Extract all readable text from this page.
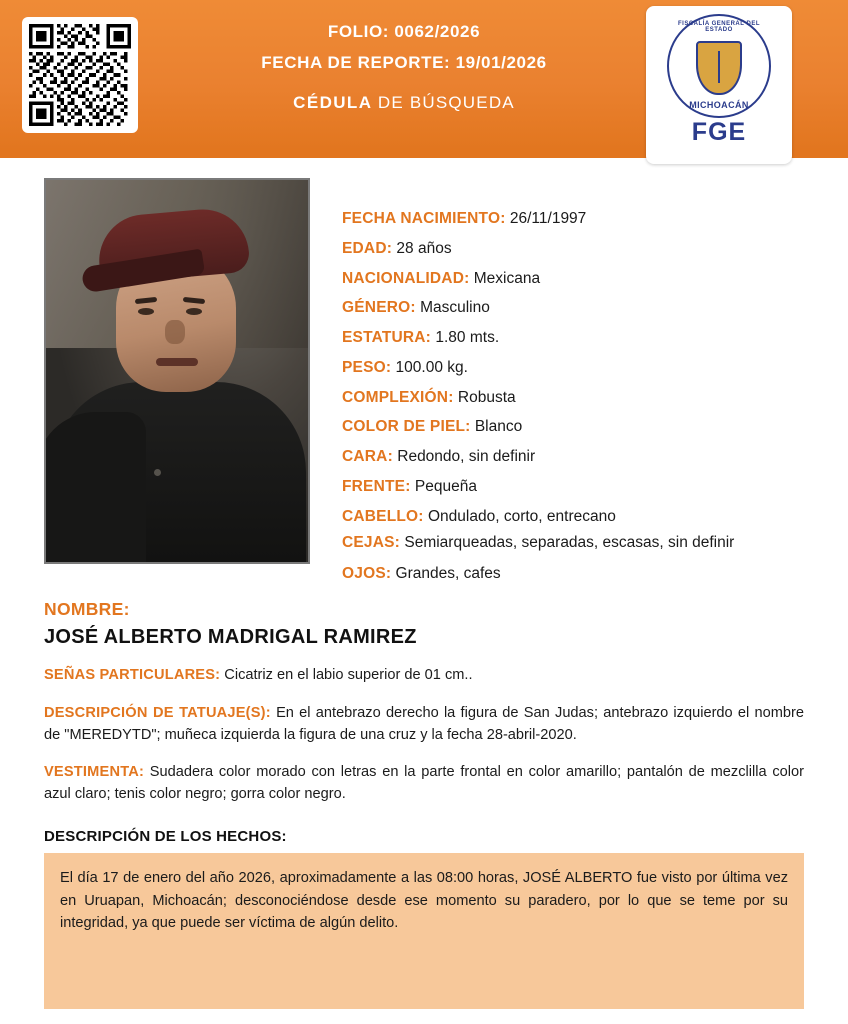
FOLIO: 0062/2026
FECHA DE REPORTE: 19/01/2026
CÉDULA DE BÚSQUEDA
FISCALÍA GENERAL DEL ESTADO
MICHOACÁN
FGE
FECHA NACIMIENTO: 26/11/1997
EDAD: 28 años
NACIONALIDAD: Mexicana
GÉNERO: Masculino
ESTATURA: 1.80 mts.
PESO: 100.00 kg.
COMPLEXIÓN: Robusta
COLOR DE PIEL: Blanco
CARA: Redondo, sin definir
FRENTE: Pequeña
CABELLO: Ondulado, corto, entrecano
CEJAS: Semiarqueadas, separadas, escasas, sin definir
OJOS: Grandes, cafes
NOMBRE:
JOSÉ ALBERTO MADRIGAL RAMIREZ
SEÑAS PARTICULARES: Cicatriz en el labio superior de 01 cm..
DESCRIPCIÓN DE TATUAJE(S): En el antebrazo derecho la figura de San Judas; antebrazo izquierdo el nombre de "MEREDYTD"; muñeca izquierda la figura de una cruz y la fecha 28-abril-2020.
VESTIMENTA: Sudadera color morado con letras en la parte frontal en color amarillo; pantalón de mezclilla color azul claro; tenis color negro; gorra color negro.
DESCRIPCIÓN DE LOS HECHOS:
El día 17 de enero del año 2026, aproximadamente a las 08:00 horas, JOSÉ ALBERTO fue visto por última vez en Uruapan, Michoacán; desconociéndose desde ese momento su paradero, por lo que se teme por su integridad, ya que puede ser víctima de algún delito.
